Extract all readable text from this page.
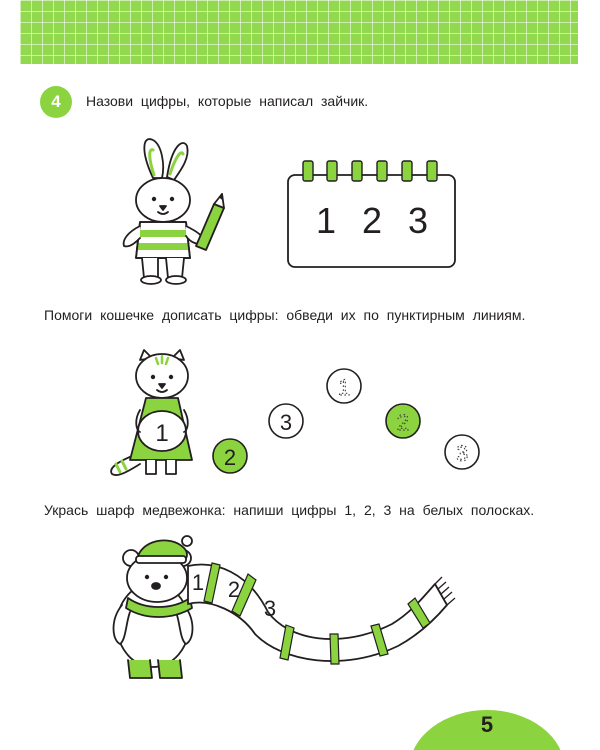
4	Назови цифры, которые написал зайчик.
Помоги кошечке дописать цифры: обведи их по пунктирным линиям.
Укрась шарф медвежонка: напиши цифры 1, 2, 3 на белых полосках.
1 2 3
1
2
3
1
2
3
1 2
3
5
